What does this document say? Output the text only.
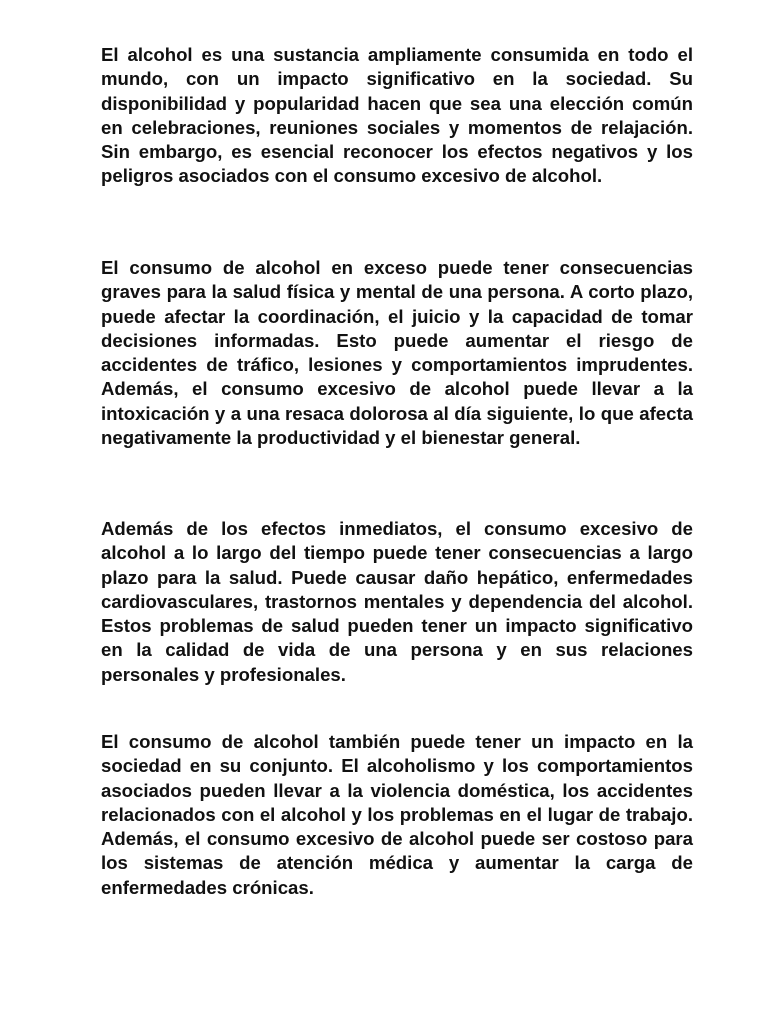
El alcohol es una sustancia ampliamente consumida en todo el mundo, con un impacto significativo en la sociedad. Su disponibilidad y popularidad hacen que sea una elección común en celebraciones, reuniones sociales y momentos de relajación. Sin embargo, es esencial reconocer los efectos negativos y los peligros asociados con el consumo excesivo de alcohol.

El consumo de alcohol en exceso puede tener consecuencias graves para la salud física y mental de una persona. A corto plazo, puede afectar la coordinación, el juicio y la capacidad de tomar decisiones informadas. Esto puede aumentar el riesgo de accidentes de tráfico, lesiones y comportamientos imprudentes. Además, el consumo excesivo de alcohol puede llevar a la intoxicación y a una resaca dolorosa al día siguiente, lo que afecta negativamente la productividad y el bienestar general.

Además de los efectos inmediatos, el consumo excesivo de alcohol a lo largo del tiempo puede tener consecuencias a largo plazo para la salud. Puede causar daño hepático, enfermedades cardiovasculares, trastornos mentales y dependencia del alcohol. Estos problemas de salud pueden tener un impacto significativo en la calidad de vida de una persona y en sus relaciones personales y profesionales.

El consumo de alcohol también puede tener un impacto en la sociedad en su conjunto. El alcoholismo y los comportamientos asociados pueden llevar a la violencia doméstica, los accidentes relacionados con el alcohol y los problemas en el lugar de trabajo. Además, el consumo excesivo de alcohol puede ser costoso para los sistemas de atención médica y aumentar la carga de enfermedades crónicas.
